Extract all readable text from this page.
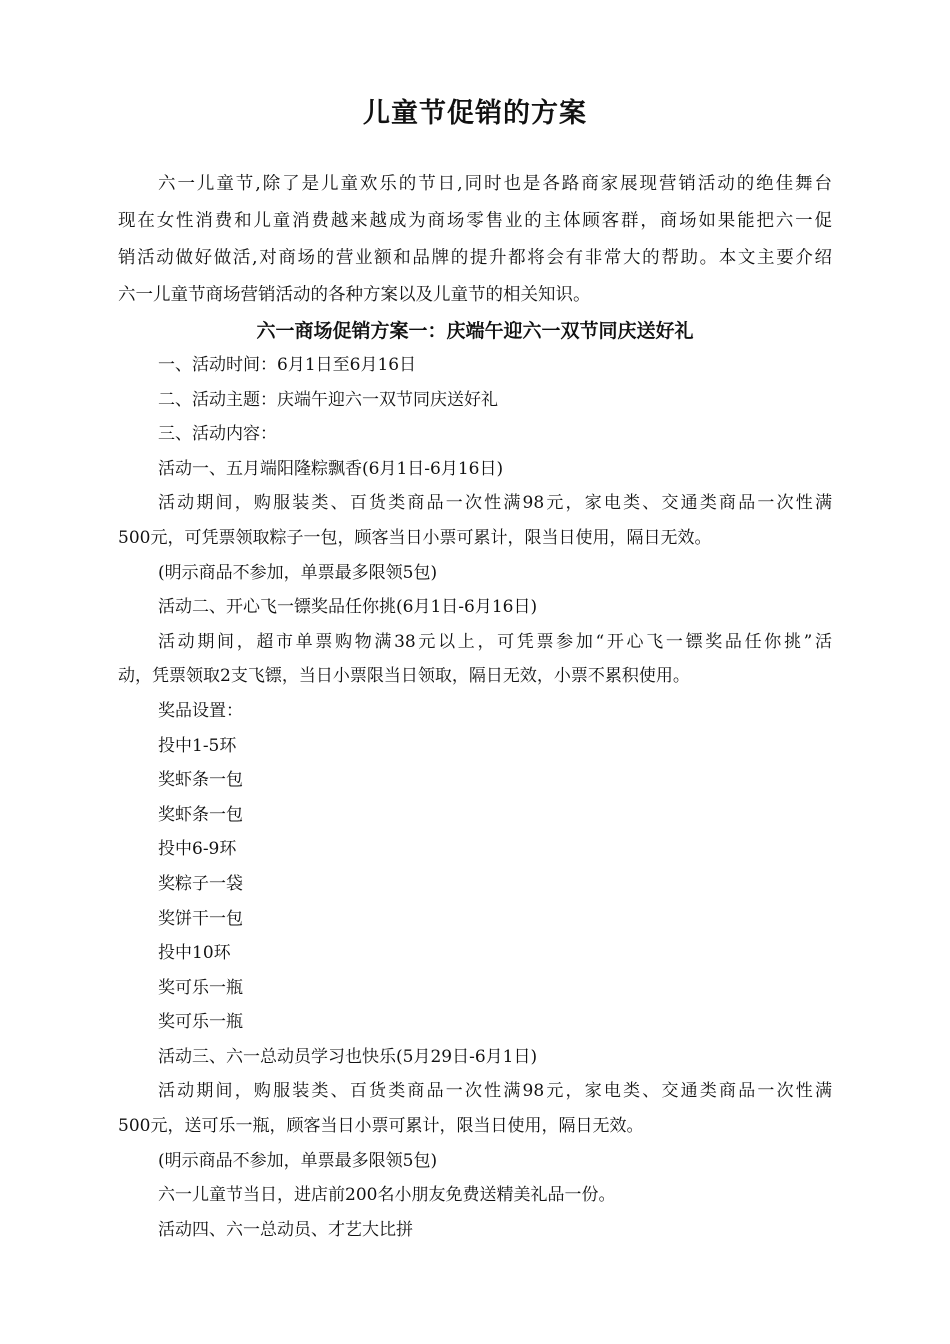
儿童节促销的方案

六一儿童节,除了是儿童欢乐的节日,同时也是各路商家展现营销活动的绝佳舞台

现在女性消费和儿童消费越来越成为商场零售业的主体顾客群，商场如果能把六一促

销活动做好做活,对商场的营业额和品牌的提升都将会有非常大的帮助。本文主要介绍

六一儿童节商场营销活动的各种方案以及儿童节的相关知识。

六一商场促销方案一：庆端午迎六一双节同庆送好礼

一、活动时间：6月1日至6月16日

二、活动主题：庆端午迎六一双节同庆送好礼

三、活动内容：

活动一、五月端阳隆粽飘香(6月1日-6月16日)

活动期间，购服装类、百货类商品一次性满98元，家电类、交通类商品一次性满

500元，可凭票领取粽子一包，顾客当日小票可累计，限当日使用，隔日无效。

(明示商品不参加，单票最多限领5包)

活动二、开心飞一镖奖品任你挑(6月1日-6月16日)

活动期间，超市单票购物满38元以上，可凭票参加“开心飞一镖奖品任你挑”活

动，凭票领取2支飞镖，当日小票限当日领取，隔日无效，小票不累积使用。

奖品设置：

投中1-5环

奖虾条一包

奖虾条一包

投中6-9环

奖粽子一袋

奖饼干一包

投中10环

奖可乐一瓶

奖可乐一瓶

活动三、六一总动员学习也快乐(5月29日-6月1日)

活动期间，购服装类、百货类商品一次性满98元，家电类、交通类商品一次性满

500元，送可乐一瓶，顾客当日小票可累计，限当日使用，隔日无效。

(明示商品不参加，单票最多限领5包)

六一儿童节当日，进店前200名小朋友免费送精美礼品一份。

活动四、六一总动员、才艺大比拼
